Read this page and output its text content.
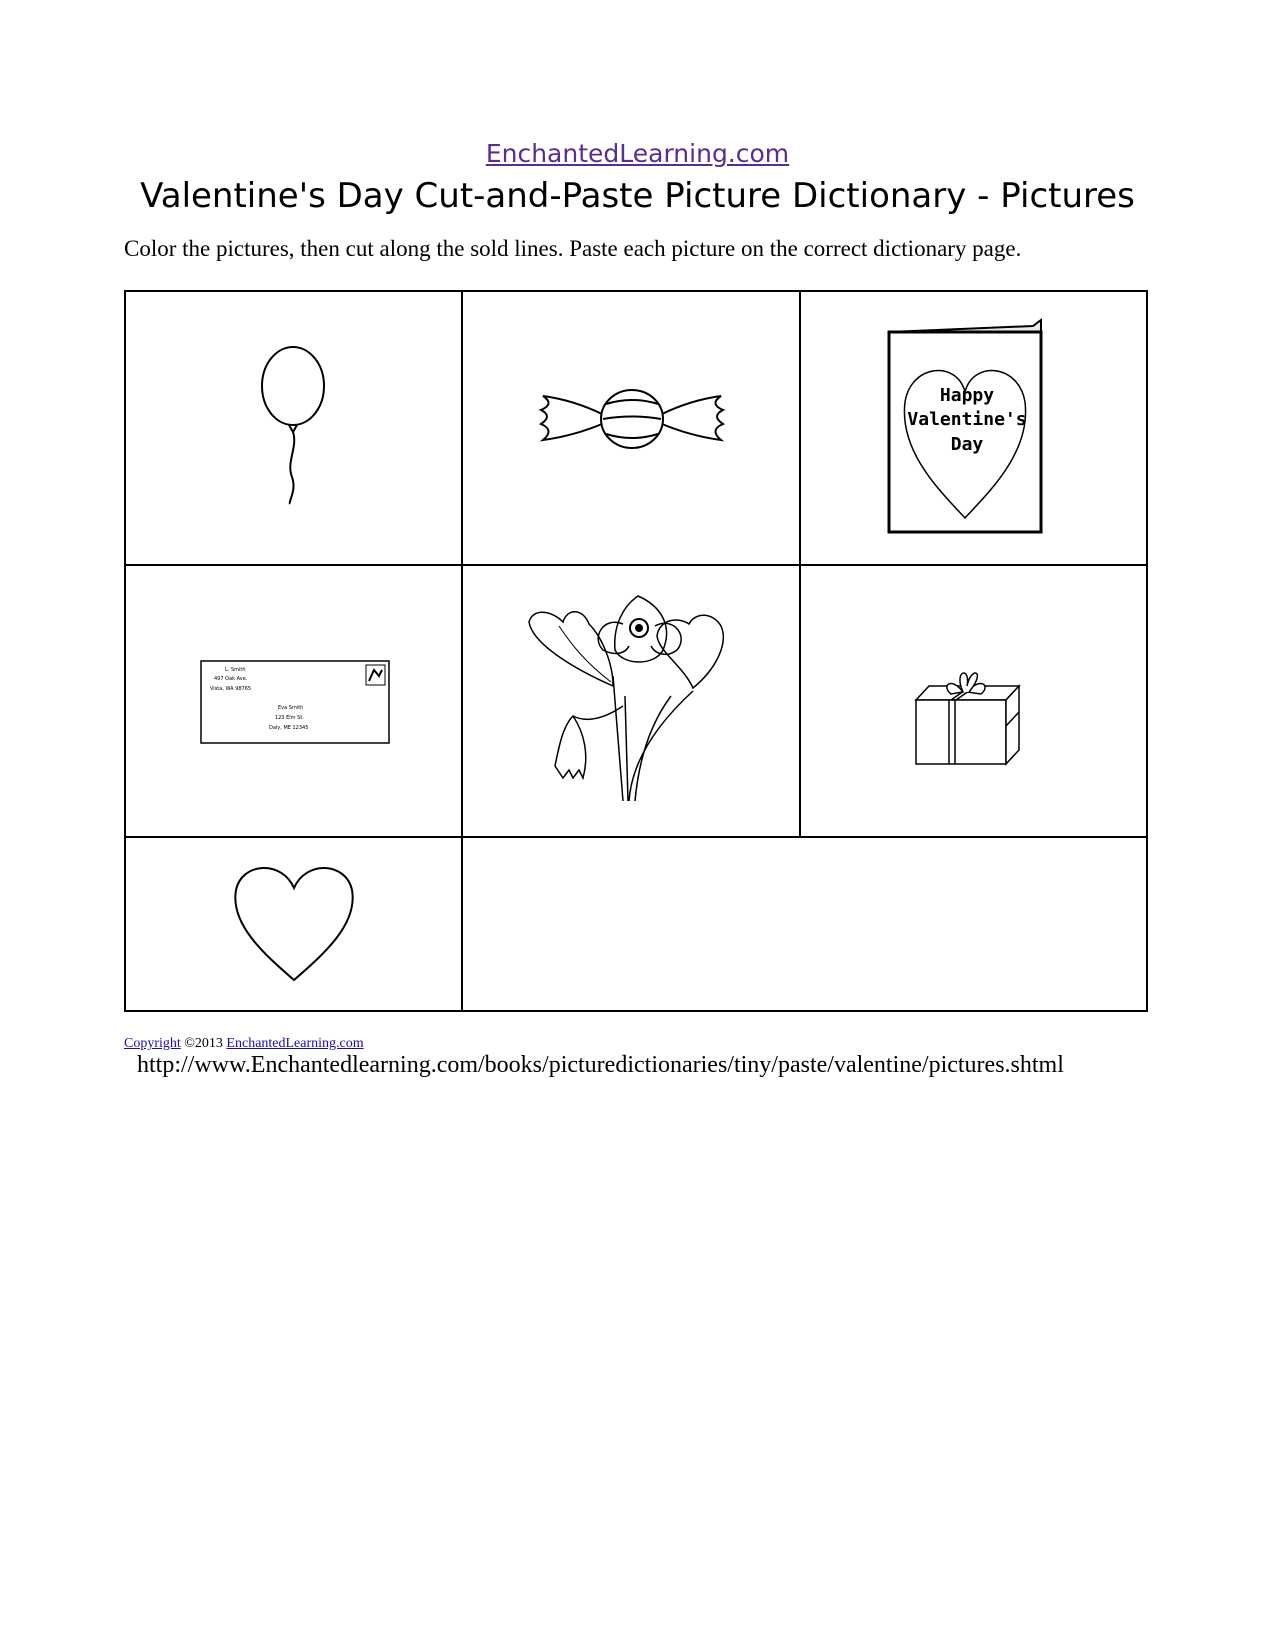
EnchantedLearning.com
Valentine's Day Cut-and-Paste Picture Dictionary - Pictures
Color the pictures, then cut along the sold lines. Paste each picture on the correct dictionary page.
Happy
Valentine's
Day
L. Smith
497 Oak Ave.
Vista, WA 98765
Eva Smith
123 Elm St.
Daly, ME 12345
Copyright ©2013 EnchantedLearning.com
http://www.Enchantedlearning.com/books/picturedictionaries/tiny/paste/valentine/pictures.shtml
